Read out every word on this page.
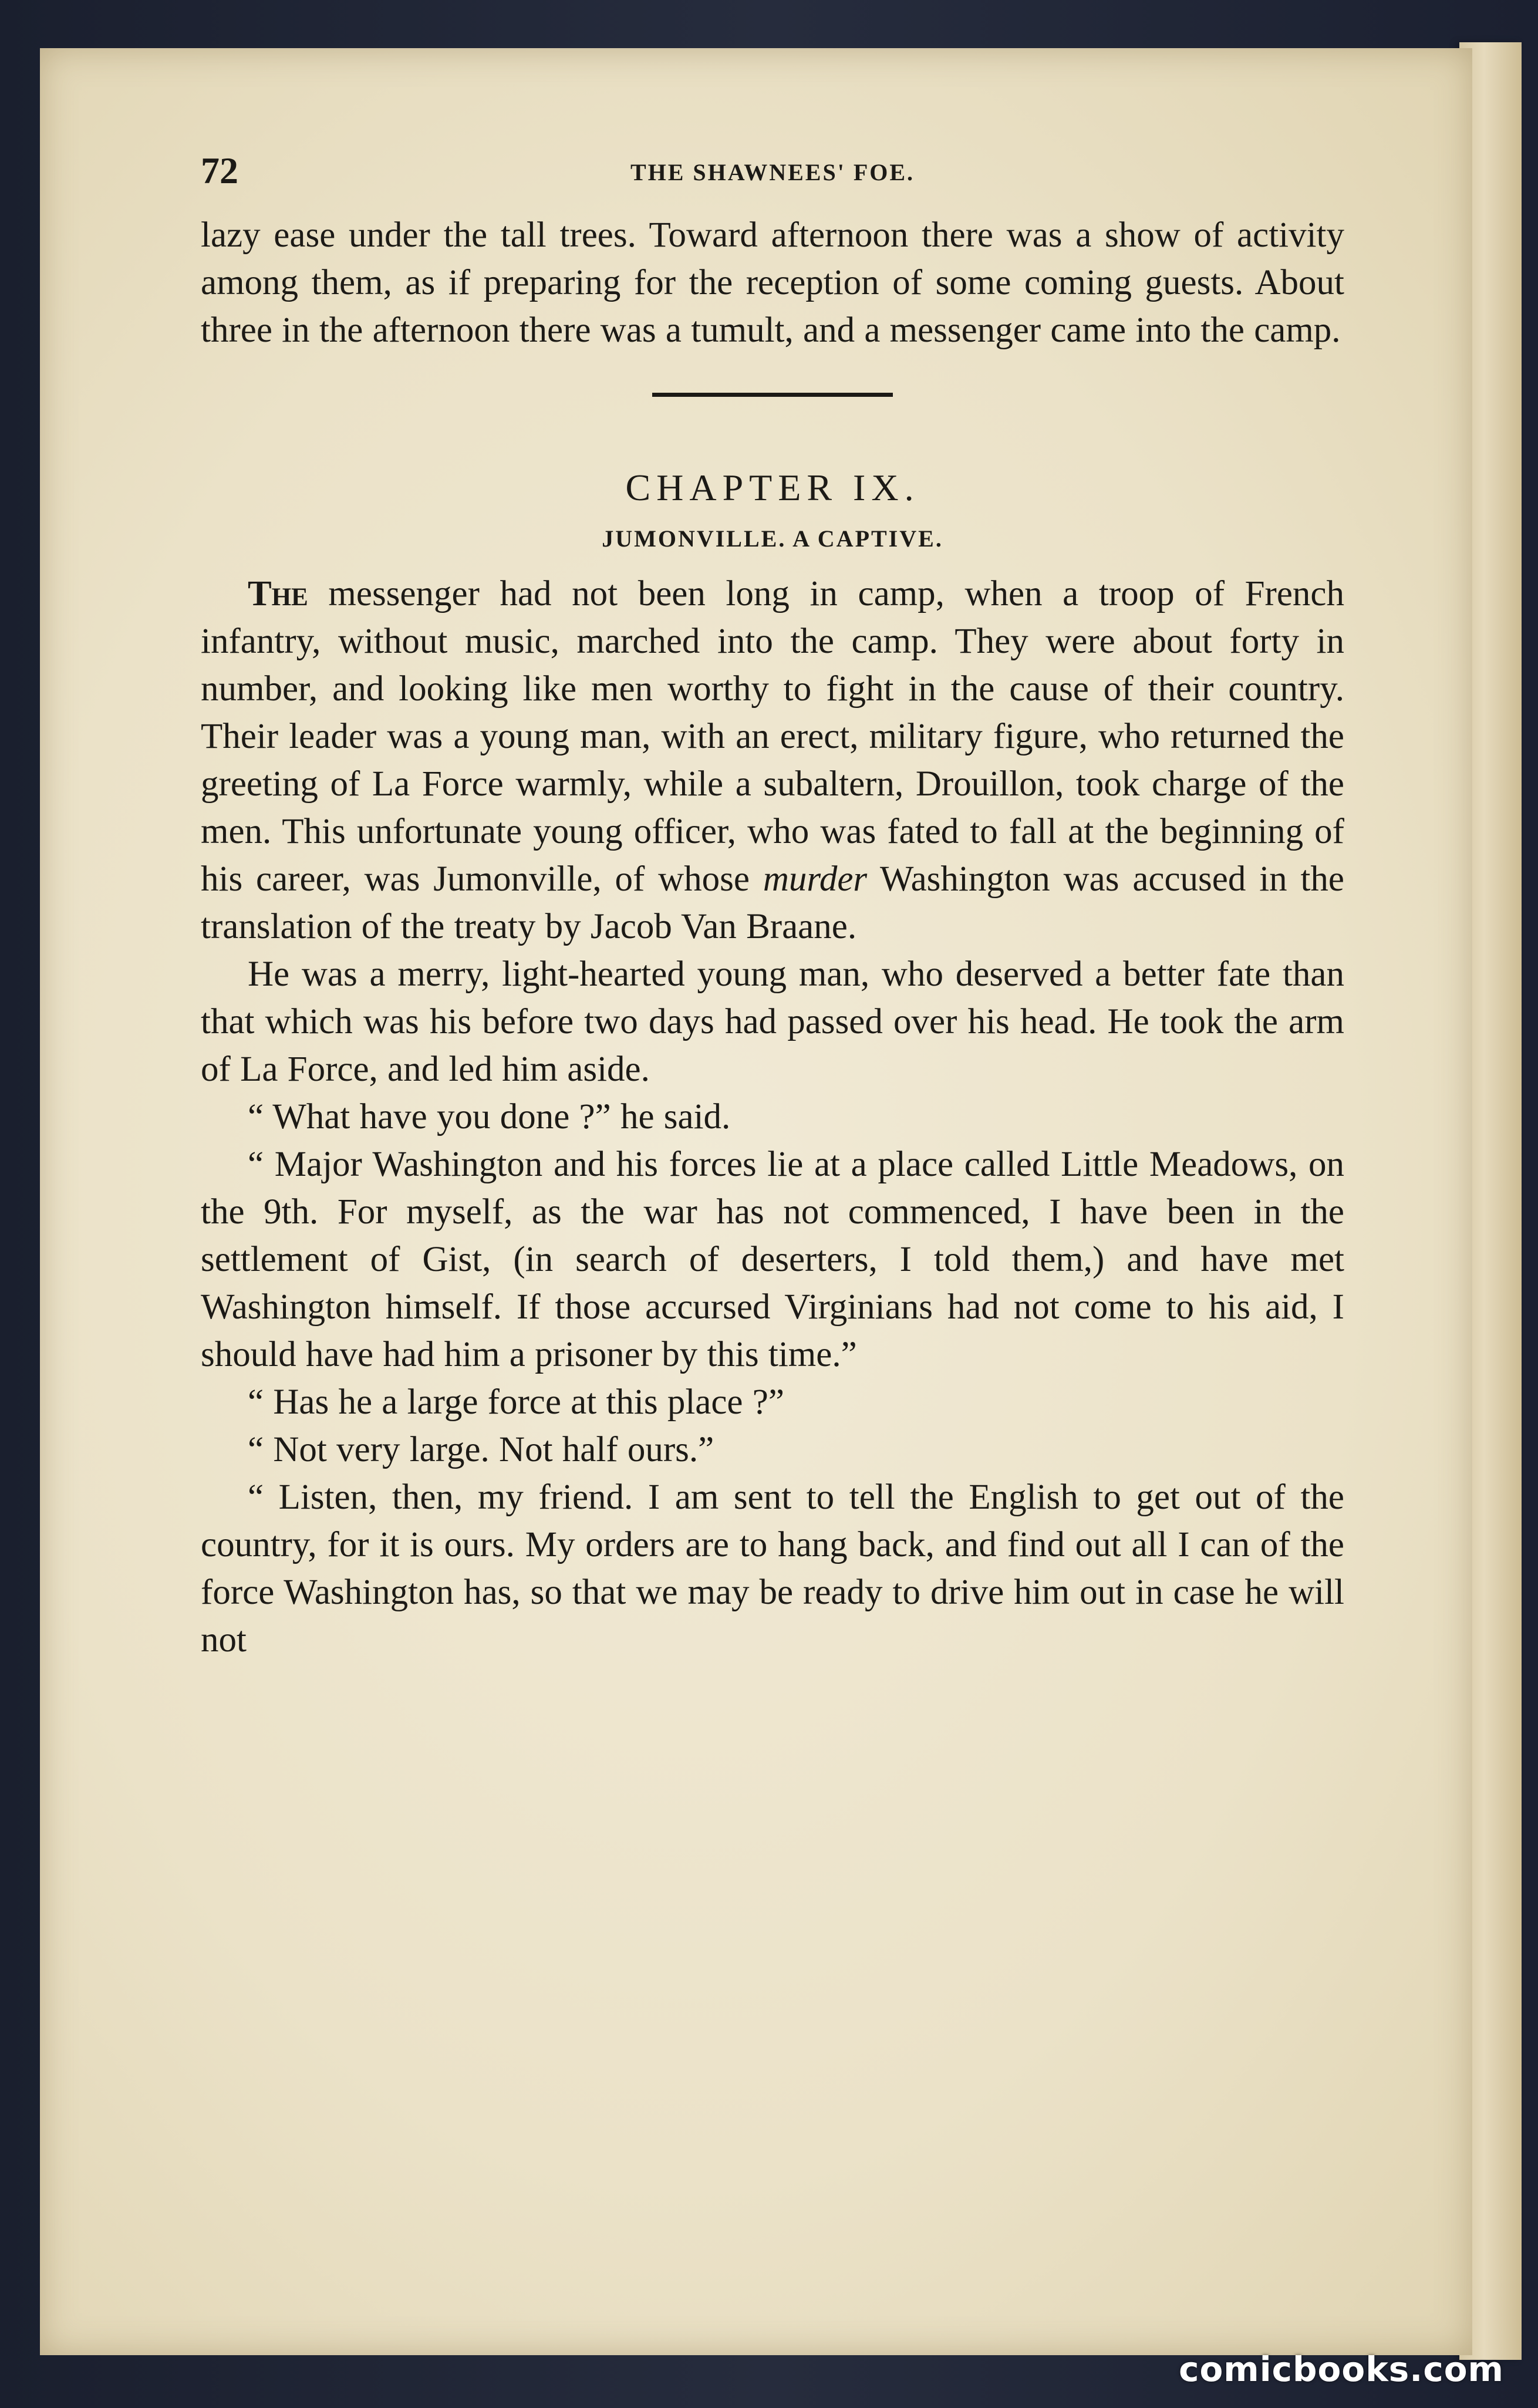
72	THE SHAWNEES' FOE.

lazy ease under the tall trees. Toward afternoon there was a show of activity among them, as if preparing for the reception of some coming guests. About three in the afternoon there was a tumult, and a messenger came into the camp.

CHAPTER IX.
JUMONVILLE. A CAPTIVE.

The messenger had not been long in camp, when a troop of French infantry, without music, marched into the camp. They were about forty in number, and looking like men worthy to fight in the cause of their country. Their leader was a young man, with an erect, military figure, who returned the greeting of La Force warmly, while a subaltern, Drouillon, took charge of the men. This unfortunate young officer, who was fated to fall at the beginning of his career, was Jumonville, of whose murder Washington was accused in the translation of the treaty by Jacob Van Braane.

He was a merry, light-hearted young man, who deserved a better fate than that which was his before two days had passed over his head. He took the arm of La Force, and led him aside.

“ What have you done ?” he said.

“ Major Washington and his forces lie at a place called Little Meadows, on the 9th. For myself, as the war has not commenced, I have been in the settlement of Gist, (in search of deserters, I told them,) and have met Washington himself. If those accursed Virginians had not come to his aid, I should have had him a prisoner by this time.”

“ Has he a large force at this place ?”

“ Not very large. Not half ours.”

“ Listen, then, my friend. I am sent to tell the English to get out of the country, for it is ours. My orders are to hang back, and find out all I can of the force Washington has, so that we may be ready to drive him out in case he will not

comicbooks.com
